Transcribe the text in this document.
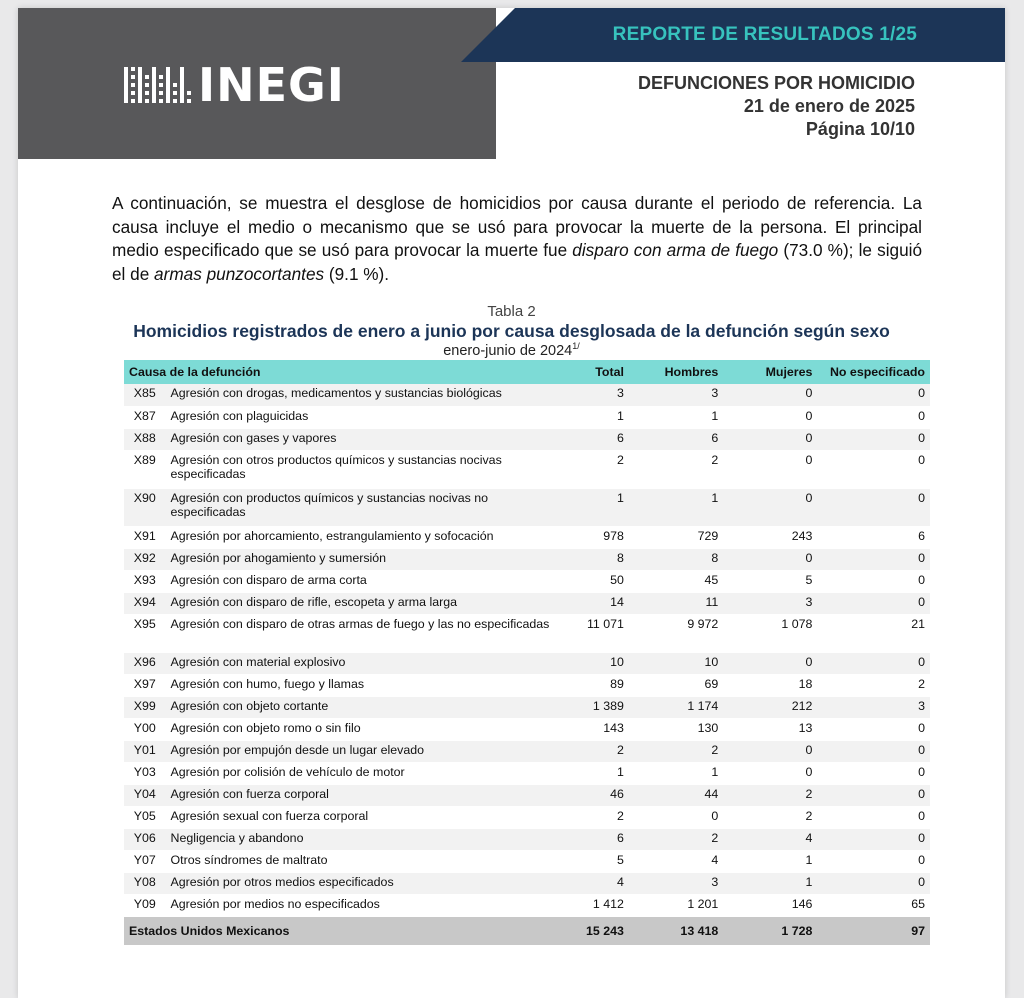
REPORTE DE RESULTADOS 1/25
INEGI	DEFUNCIONES POR HOMICIDIO
21 de enero de 2025
Página 10/10

A continuación, se muestra el desglose de homicidios por causa durante el periodo de referencia. La causa incluye el medio o mecanismo que se usó para provocar la muerte de la persona. El principal medio especificado que se usó para provocar la muerte fue disparo con arma de fuego (73.0 %); le siguió el de armas punzocortantes (9.1 %).

Tabla 2
Homicidios registrados de enero a junio por causa desglosada de la defunción según sexo
enero-junio de $2024^{1/}$
Causa de la defunción		Total	Hombres	Mujeres	No especificado
X85	Agresión con drogas, medicamentos y sustancias biológicas	3	3	0	0
X87	Agresión con plaguicidas	1	1	0	0
X88	Agresión con gases y vapores	6	6	0	0
X89	Agresión con otros productos químicos y sustancias nocivas especificadas	2	2	0	0
X90	Agresión con productos químicos y sustancias nocivas no especificadas	1	1	0	0
X91	Agresión por ahorcamiento, estrangulamiento y sofocación	978	729	243	6
X92	Agresión por ahogamiento y sumersión	8	8	0	0
X93	Agresión con disparo de arma corta	50	45	5	0
X94	Agresión con disparo de rifle, escopeta y arma larga	14	11	3	0
X95	Agresión con disparo de otras armas de fuego y las no especificadas	11 071	9 972	1 078	21
X96	Agresión con material explosivo	10	10	0	0
X97	Agresión con humo, fuego y llamas	89	69	18	2
X99	Agresión con objeto cortante	1 389	1 174	212	3
Y00	Agresión con objeto romo o sin filo	143	130	13	0
Y01	Agresión por empujón desde un lugar elevado	2	2	0	0
Y03	Agresión por colisión de vehículo de motor	1	1	0	0
Y04	Agresión con fuerza corporal	46	44	2	0
Y05	Agresión sexual con fuerza corporal	2	0	2	0
Y06	Negligencia y abandono	6	2	4	0
Y07	Otros síndromes de maltrato	5	4	1	0
Y08	Agresión por otros medios especificados	4	3	1	0
Y09	Agresión por medios no especificados	1 412	1 201	146	65
Estados Unidos Mexicanos		15 243	13 418	1 728	97
